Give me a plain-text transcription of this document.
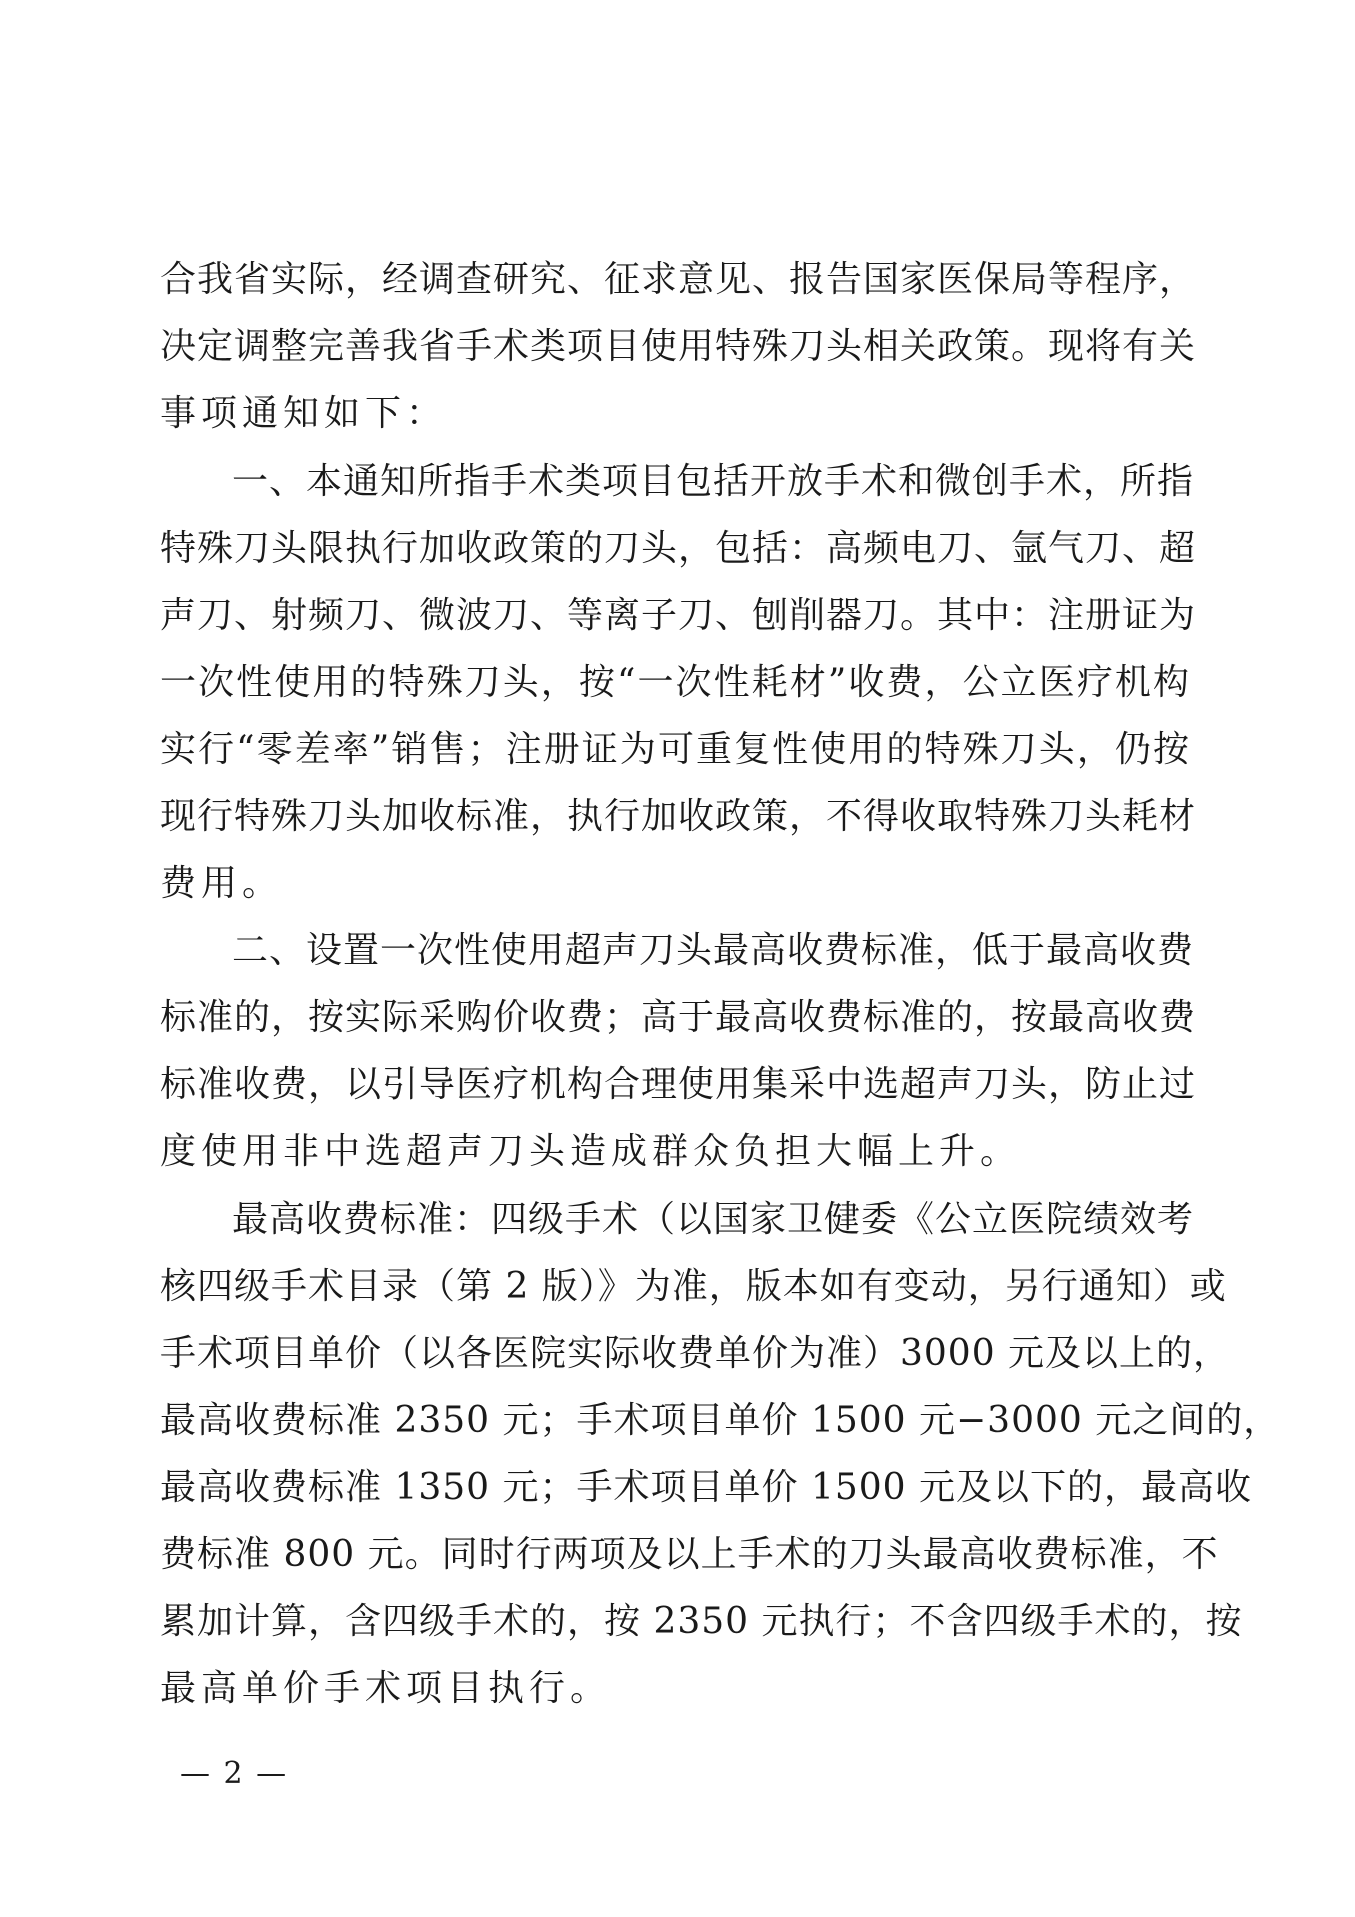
合我省实际，经调查研究、征求意见、报告国家医保局等程序，
决定调整完善我省手术类项目使用特殊刀头相关政策。现将有关
事项通知如下：
一、本通知所指手术类项目包括开放手术和微创手术，所指
特殊刀头限执行加收政策的刀头，包括：高频电刀、氩气刀、超
声刀、射频刀、微波刀、等离子刀、刨削器刀。其中：注册证为
一次性使用的特殊刀头，按“一次性耗材”收费，公立医疗机构
实行“零差率”销售；注册证为可重复性使用的特殊刀头，仍按
现行特殊刀头加收标准，执行加收政策，不得收取特殊刀头耗材
费用。
二、设置一次性使用超声刀头最高收费标准，低于最高收费
标准的，按实际采购价收费；高于最高收费标准的，按最高收费
标准收费，以引导医疗机构合理使用集采中选超声刀头，防止过
度使用非中选超声刀头造成群众负担大幅上升。
最高收费标准：四级手术（以国家卫健委《公立医院绩效考
核四级手术目录（第 2 版）》为准，版本如有变动，另行通知）或
手术项目单价（以各医院实际收费单价为准）3000 元及以上的，
最高收费标准 2350 元；手术项目单价 1500 元−3000 元之间的，
最高收费标准 1350 元；手术项目单价 1500 元及以下的，最高收
费标准 800 元。同时行两项及以上手术的刀头最高收费标准，不
累加计算，含四级手术的，按 2350 元执行；不含四级手术的，按
最高单价手术项目执行。
— 2 —
